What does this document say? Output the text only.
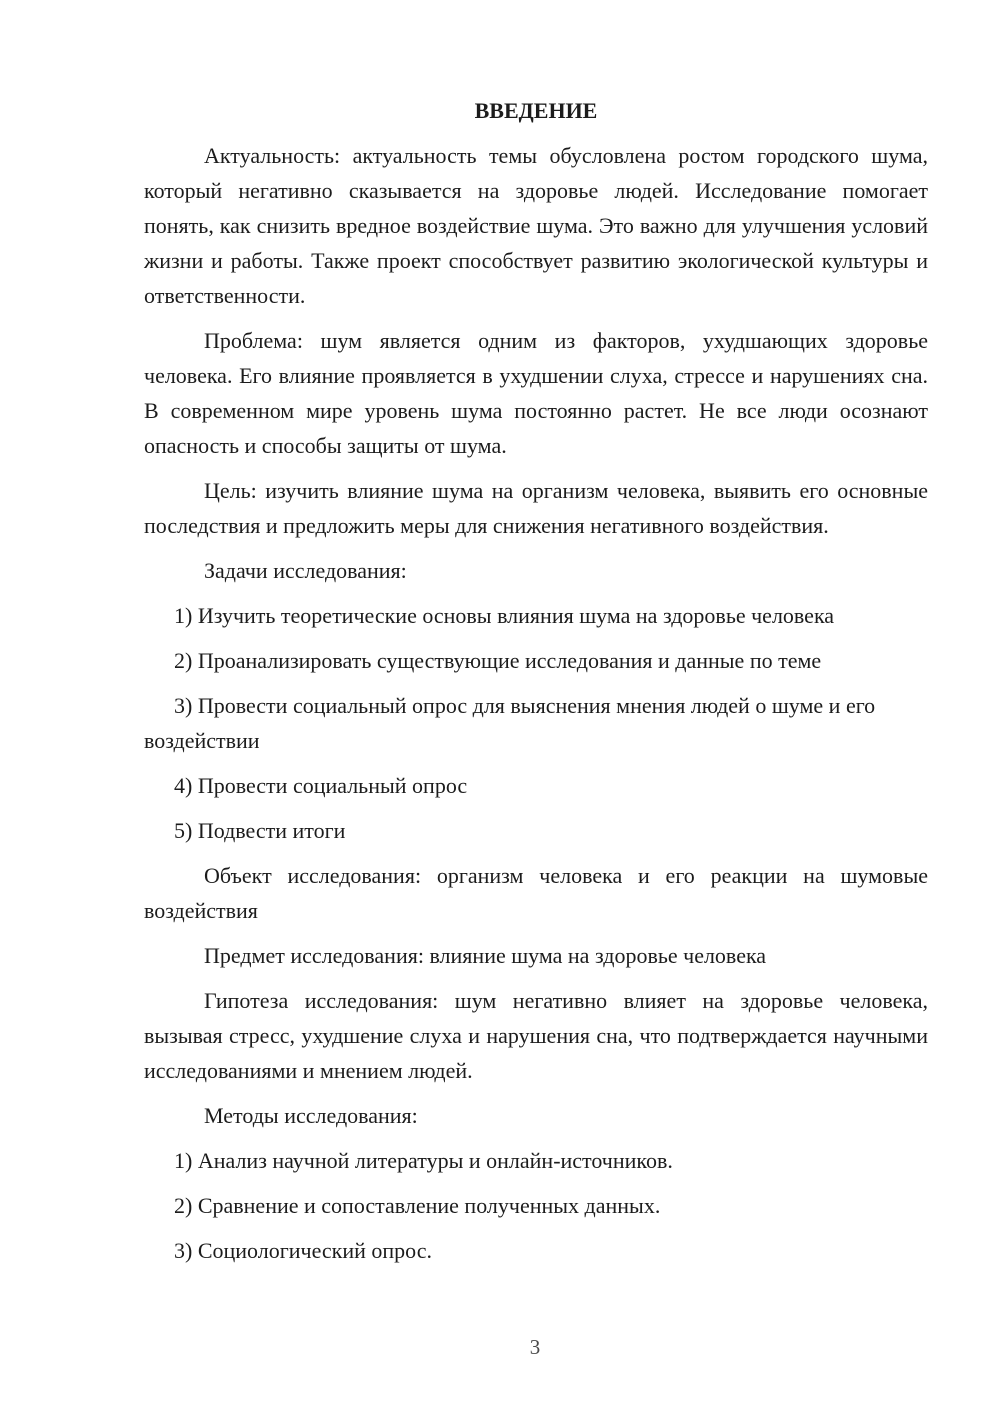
ВВЕДЕНИЕ

Актуальность: актуальность темы обусловлена ростом городского шума, который негативно сказывается на здоровье людей. Исследование помогает понять, как снизить вредное воздействие шума. Это важно для улучшения условий жизни и работы. Также проект способствует развитию экологической культуры и ответственности.

Проблема: шум является одним из факторов, ухудшающих здоровье человека. Его влияние проявляется в ухудшении слуха, стрессе и нарушениях сна. В современном мире уровень шума постоянно растет. Не все люди осознают опасность и способы защиты от шума.

Цель: изучить влияние шума на организм человека, выявить его основные последствия и предложить меры для снижения негативного воздействия.

Задачи исследования:

1) Изучить теоретические основы влияния шума на здоровье человека

2) Проанализировать существующие исследования и данные по теме

3) Провести социальный опрос для выяснения мнения людей о шуме и его воздействии

4) Провести социальный опрос

5) Подвести итоги

Объект исследования: организм человека и его реакции на шумовые воздействия

Предмет исследования: влияние шума на здоровье человека

Гипотеза исследования: шум негативно влияет на здоровье человека, вызывая стресс, ухудшение слуха и нарушения сна, что подтверждается научными исследованиями и мнением людей.

Методы исследования:

1) Анализ научной литературы и онлайн-источников.

2) Сравнение и сопоставление полученных данных.

3) Социологический опрос.

3
